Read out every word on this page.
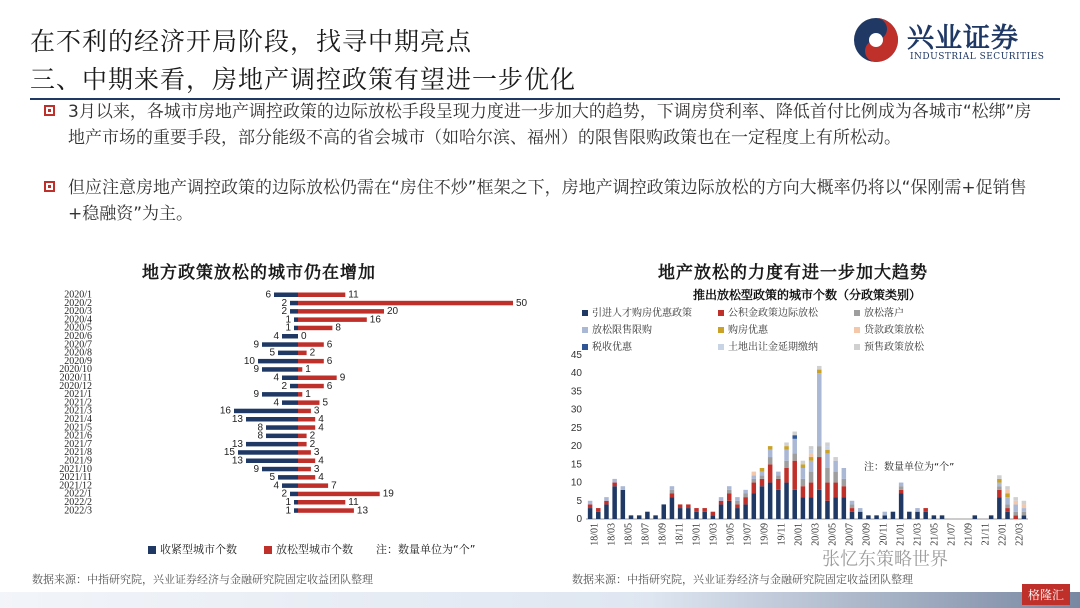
在不利的经济开局阶段，找寻中期亮点
三、中期来看，房地产调控政策有望进一步优化
兴业证券
INDUSTRIAL SECURITIES
3月以来，各城市房地产调控政策的边际放松手段呈现力度进一步加大的趋势，下调房贷利率、降低首付比例成为各城市“松绑”房地产市场的重要手段，部分能级不高的省会城市（如哈尔滨、福州）的限售限购政策也在一定程度上有所松动。
但应注意房地产调控政策的边际放松仍需在“房住不炒”框架之下，房地产调控政策边际放松的方向大概率仍将以“保刚需+促销售+稳融资”为主。
地方政策放松的城市仍在增加	地产放松的力度有进一步加大趋势
2020/1	6	11
2020/2	2	50
2020/3	2	20
2020/4	1	16
2020/5	1	8
2020/6	4 0
2020/7	9	6
2020/8	5	2
2020/9	10	6
2020/10	9	1
2020/11	4	9
2020/12	2	6
2021/1	9	1
2021/2	4	5
2021/3	16	3
2021/4	13	4
2021/5	8	4
2021/6	8	2
2021/7	13	2
2021/8	15	3
2021/9	13	4
2021/10	9	3
2021/11	5	4
2021/12	4	7
2022/1	2	19
2022/2	1	11
2022/3	1	13
收紧型城市个数	放松型城市个数 注：数量单位为“个”
推出放松型政策的城市个数（分政策类别）
引进人才购房优惠政策	公积金政策边际放松	放松落户
放松限售限购	购房优惠	贷款政策放松
税收优惠	土地出让金延期缴纳	预售政策放松
0
5
10
15
20
25
30
35
40
45
18/01 18/03 18/05 18/07 18/09 18/11 19/01 19/03 19/05 19/07 19/09 19/11 20/01 20/03 20/05 20/07 20/09 20/11 21/01 21/03 21/05 21/07 21/09 21/11 22/01 22/03
注：数量单位为“个”
数据来源：中指研究院，兴业证券经济与金融研究院固定收益团队整理	数据来源：中指研究院，兴业证券经济与金融研究院固定收益团队整理
张忆东策略世界
格隆汇
